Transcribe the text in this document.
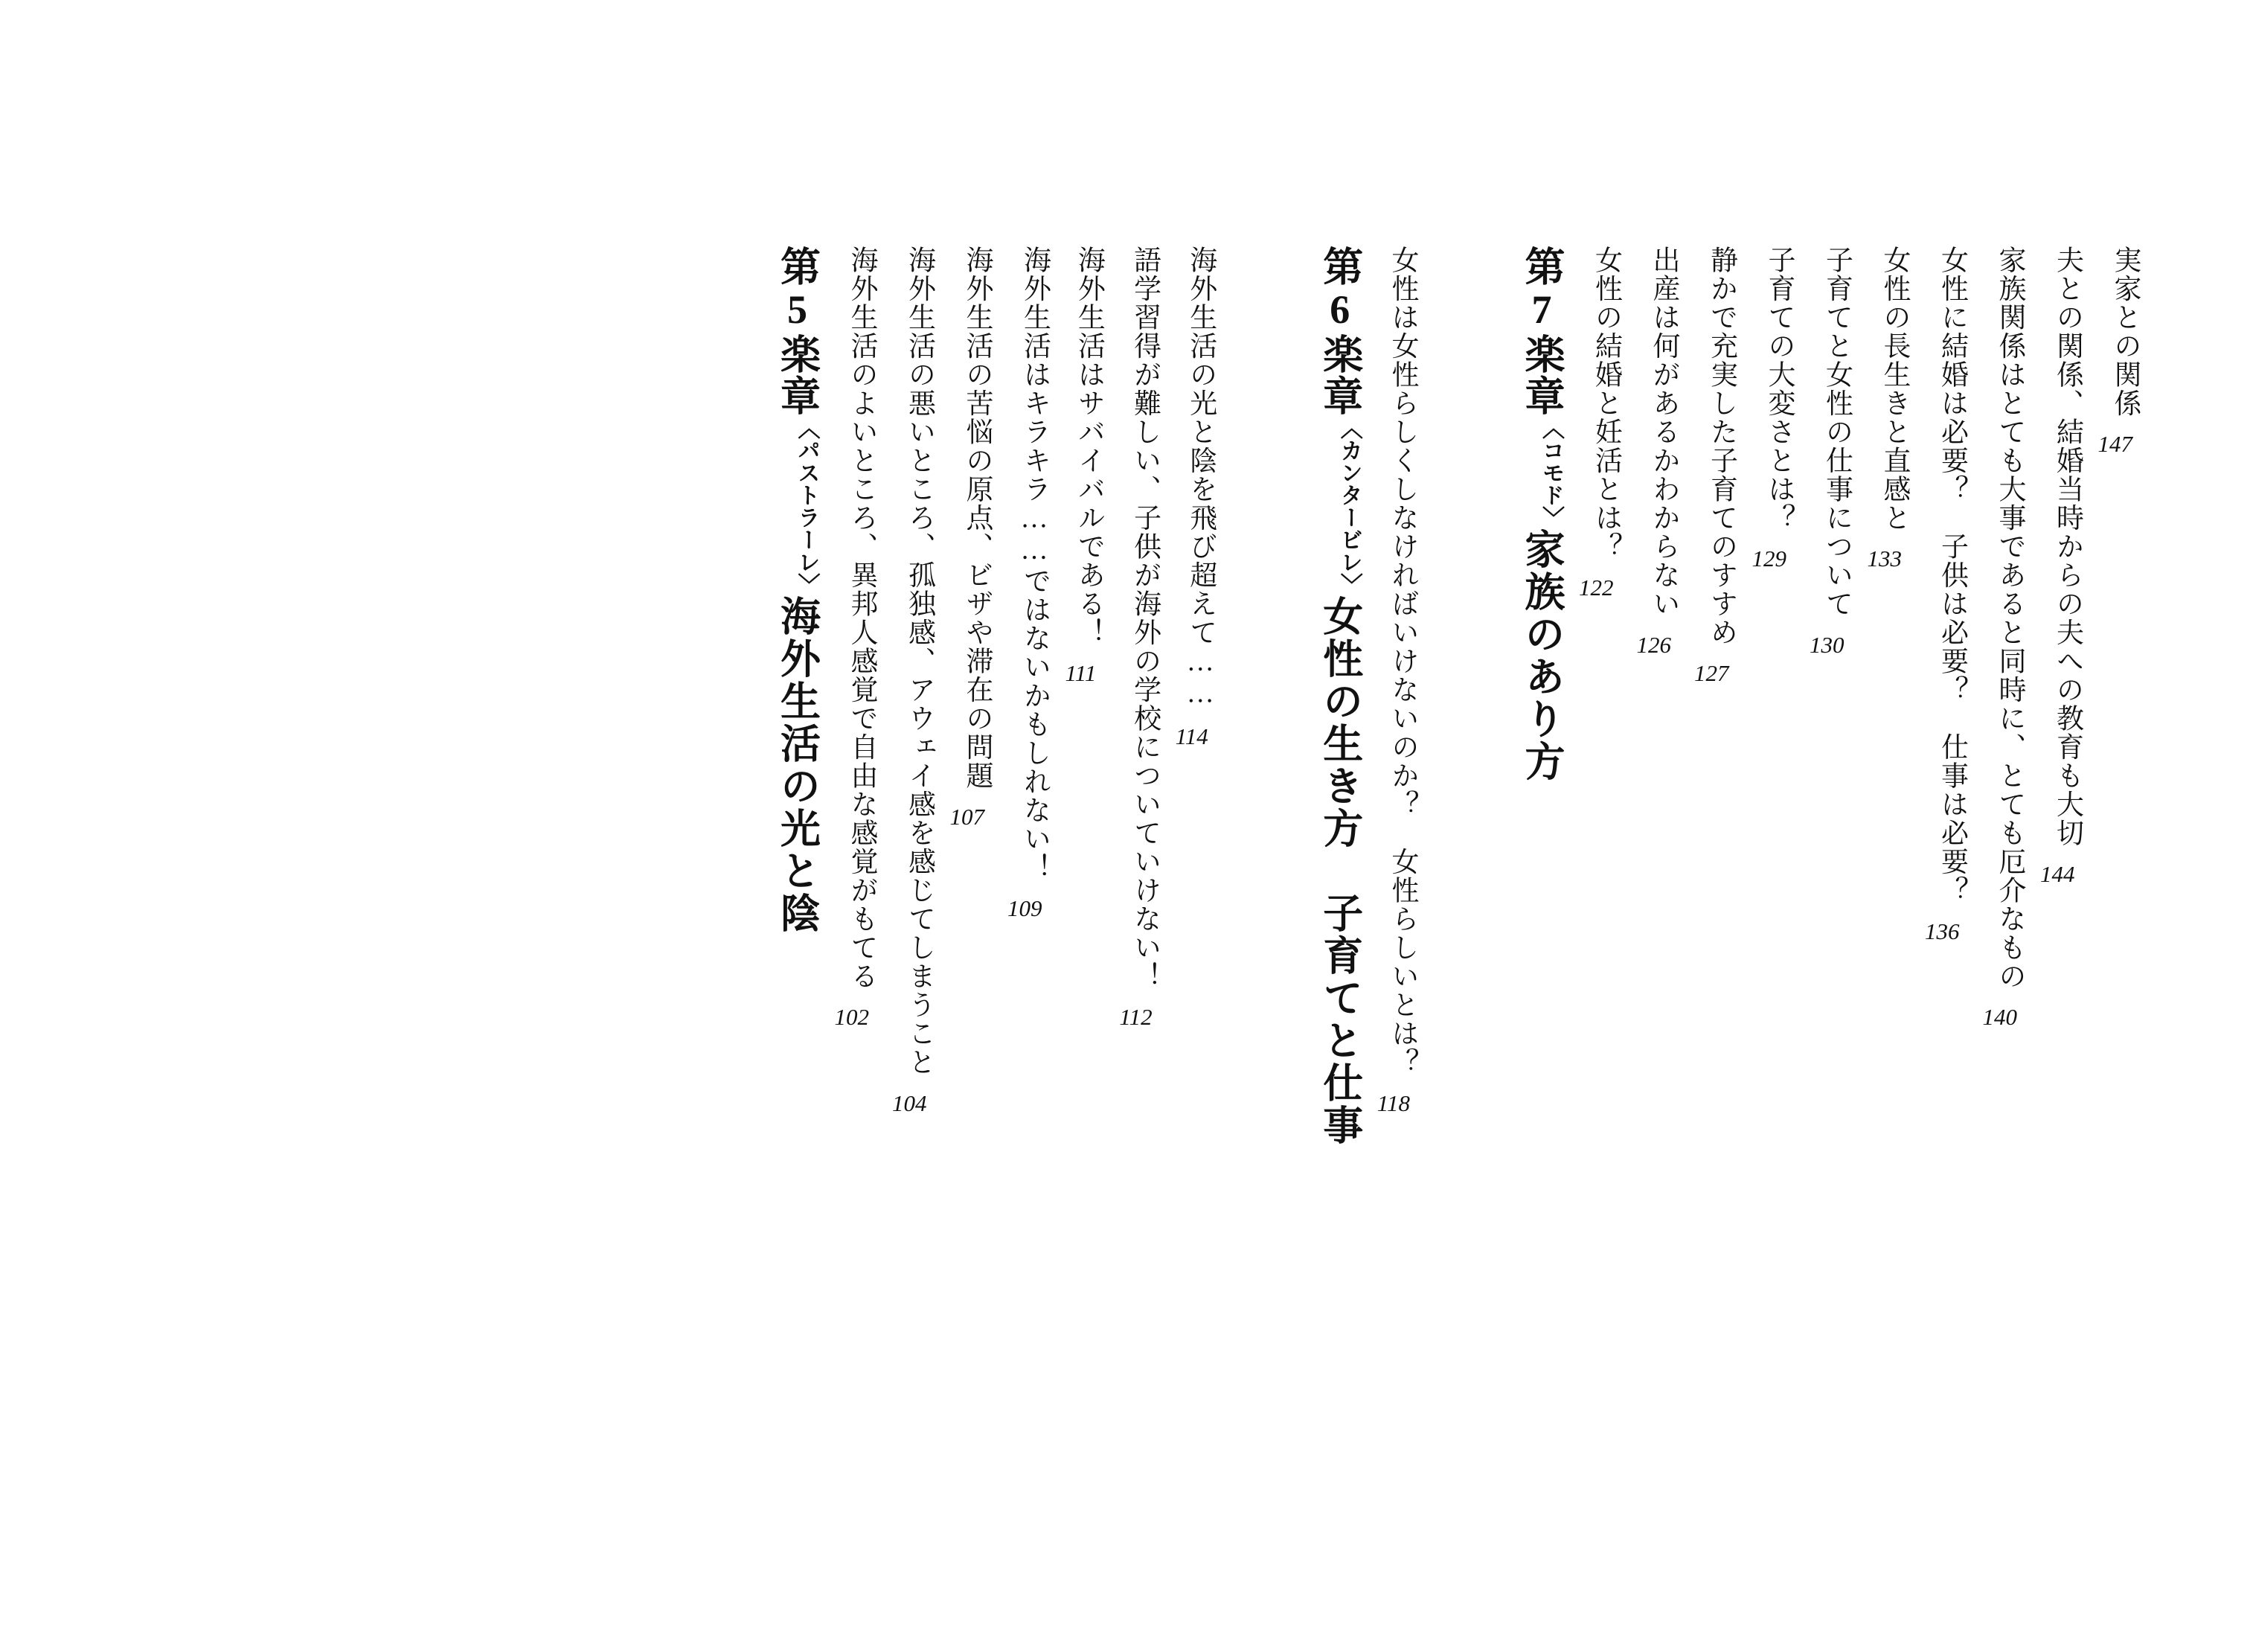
第5楽章
〈パストラーレ〉
海外生活の光と陰 海外生活のよいところ、異邦人感覚で自由な感覚がもてる
102 海外生活の悪いところ、孤独感、アウェイ感を感じてしまうこと
104
海外生活の苦悩の原点、ビザや滞在の問題
107 海外生活はキラキラ……ではないかもしれない！
109
海外生活はサバイバルである！
111 語学習得が難しい、子供が海外の学校についていけない！
112
海外生活の光と陰を飛び超えて……
114
第6楽章
〈カンタービレ〉
女性の生き方　子育てと仕事 女性は女性らしくしなければいけないのか？　女性らしいとは？
118
第7楽章
〈コモド〉
家族のあり方
女性の結婚と妊活とは？
122 出産は何があるかわからない
126 静かで充実した子育てのすすめ
127
子育ての大変さとは？
129 子育てと女性の仕事について
130
女性の長生きと直感と
133 女性に結婚は必要？　子供は必要？　仕事は必要？
136 家族関係はとても大事であると同時に、とても厄介なもの
140
夫との関係、結婚当時からの夫への教育も大切
144
実家との関係
147
